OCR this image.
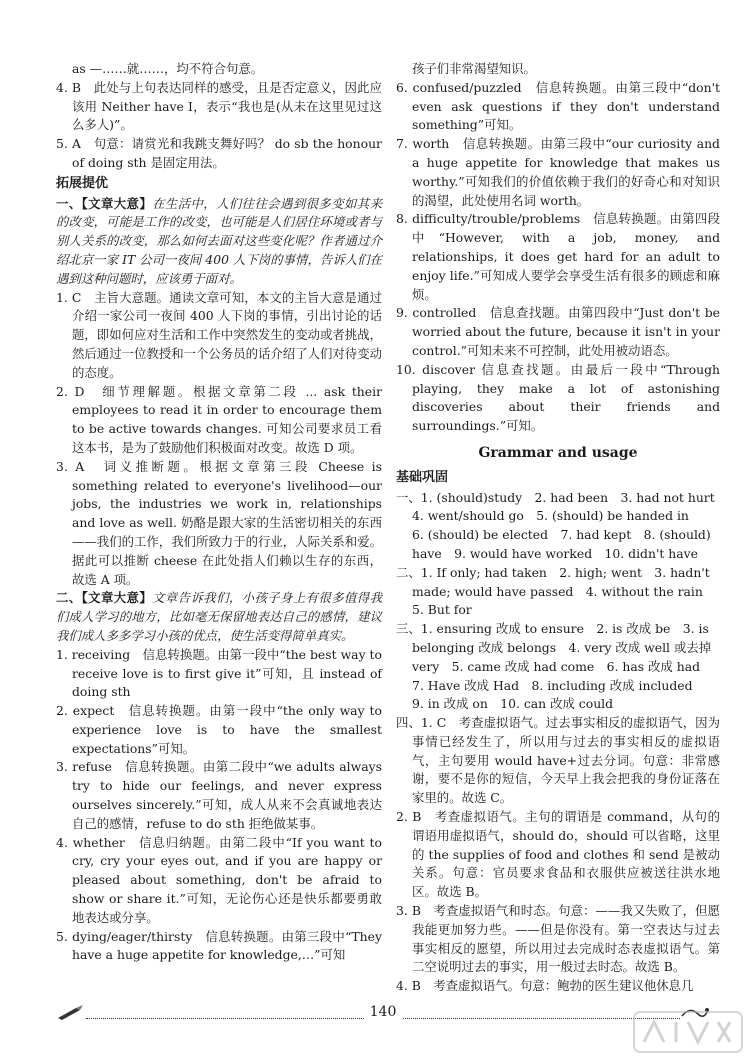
as —……就……，均不符合句意。
4. B　此处与上句表达同样的感受，且是否定意义，因此应该用 Neither have I，表示“我也是(从未在这里见过这么多人)”。
5. A　句意：请赏光和我跳支舞好吗？ do sb the honour of doing sth 是固定用法。
拓展提优
一、【文章大意】在生活中，人们往往会遇到很多变如其来的改变，可能是工作的改变，也可能是人们居住环境或者与别人关系的改变，那么如何去面对这些变化呢？作者通过介绍北京一家 IT 公司一夜间 400 人下岗的事情，告诉人们在遇到这种问题时，应该勇于面对。
1. C　主旨大意题。通读文章可知，本文的主旨大意是通过介绍一家公司一夜间 400 人下岗的事情，引出讨论的话题，即如何应对生活和工作中突然发生的变动或者挑战，然后通过一位教授和一个公务员的话介绍了人们对待变动的态度。
2. D　细节理解题。根据文章第二段 ... ask their employees to read it in order to encourage them to be active towards changes. 可知公司要求员工看这本书，是为了鼓励他们积极面对改变。故选 D 项。
3. A　词义推断题。根据文章第三段 Cheese is something related to everyone's livelihood—our jobs, the industries we work in, relationships and love as well. 奶酪是跟大家的生活密切相关的东西——我们的工作，我们所致力于的行业，人际关系和爱。据此可以推断 cheese 在此处指人们赖以生存的东西，故选 A 项。
二、【文章大意】文章告诉我们，小孩子身上有很多值得我们成人学习的地方，比如毫无保留地表达自己的感情，建议我们成人多多学习小孩的优点，使生活变得简单真实。
1. receiving　信息转换题。由第一段中“the best way to receive love is to first give it”可知，且 instead of doing sth
2. expect　信息转换题。由第一段中“the only way to experience love is to have the smallest expectations”可知。
3. refuse　信息转换题。由第二段中“we adults always try to hide our feelings, and never express ourselves sincerely.”可知，成人从来不会真诚地表达自己的感情，refuse to do sth 拒绝做某事。
4. whether　信息归纳题。由第二段中“If you want to cry, cry your eyes out, and if you are happy or pleased about something, don't be afraid to show or share it.”可知，无论伤心还是快乐都要勇敢地表达或分享。
5. dying/eager/thirsty　信息转换题。由第三段中“They have a huge appetite for knowledge,…”可知
孩子们非常渴望知识。
6. confused/puzzled　信息转换题。由第三段中“don't even ask questions if they don't understand something”可知。
7. worth　信息转换题。由第三段中“our curiosity and a huge appetite for knowledge that makes us worthy.”可知我们的价值依赖于我们的好奇心和对知识的渴望，此处使用名词 worth。
8. difficulty/trouble/problems　信息转换题。由第四段中“However, with a job, money, and relationships, it does get hard for an adult to enjoy life.”可知成人要学会享受生活有很多的顾虑和麻烦。
9. controlled　信息查找题。由第四段中“Just don't be worried about the future, because it isn't in your control.”可知未来不可控制，此处用被动语态。
10. discover 信息查找题。由最后一段中“Through playing, they make a lot of astonishing discoveries about their friends and surroundings.”可知。
Grammar and usage
基础巩固
一、1. (should)study　2. had been　3. had not hurt
4. went/should go　5. (should) be handed in
6. (should) be elected　7. had kept　8. (should)
have　9. would have worked　10. didn't have
二、1. If only; had taken　2. high; went　3. hadn't
made; would have passed　4. without the rain
5. But for
三、1. ensuring 改成 to ensure　2. is 改成 be　3. is
belonging 改成 belongs　4. very 改成 well 或去掉
very　5. came 改成 had come　6. has 改成 had
7. Have 改成 Had　8. including 改成 included
9. in 改成 on　10. can 改成 could
四、1. C　考查虚拟语气。过去事实相反的虚拟语气，因为事情已经发生了，所以用与过去的事实相反的虚拟语气，主句要用 would have+过去分词。句意：非常感谢，要不是你的短信，今天早上我会把我的身份证落在家里的。故选 C。
2. B　考查虚拟语气。主句的谓语是 command，从句的谓语用虚拟语气，should do，should 可以省略，这里的 the supplies of food and clothes 和 send 是被动关系。句意：官员要求食品和衣服供应被送往洪水地区。故选 B。
3. B　考查虚拟语气和时态。句意：——我又失败了，但愿我能更加努力些。——但是你没有。第一空表达与过去事实相反的愿望，所以用过去完成时态表虚拟语气。第二空说明过去的事实，用一般过去时态。故选 B。
4. B　考查虚拟语气。句意：鲍勃的医生建议他休息几
140
